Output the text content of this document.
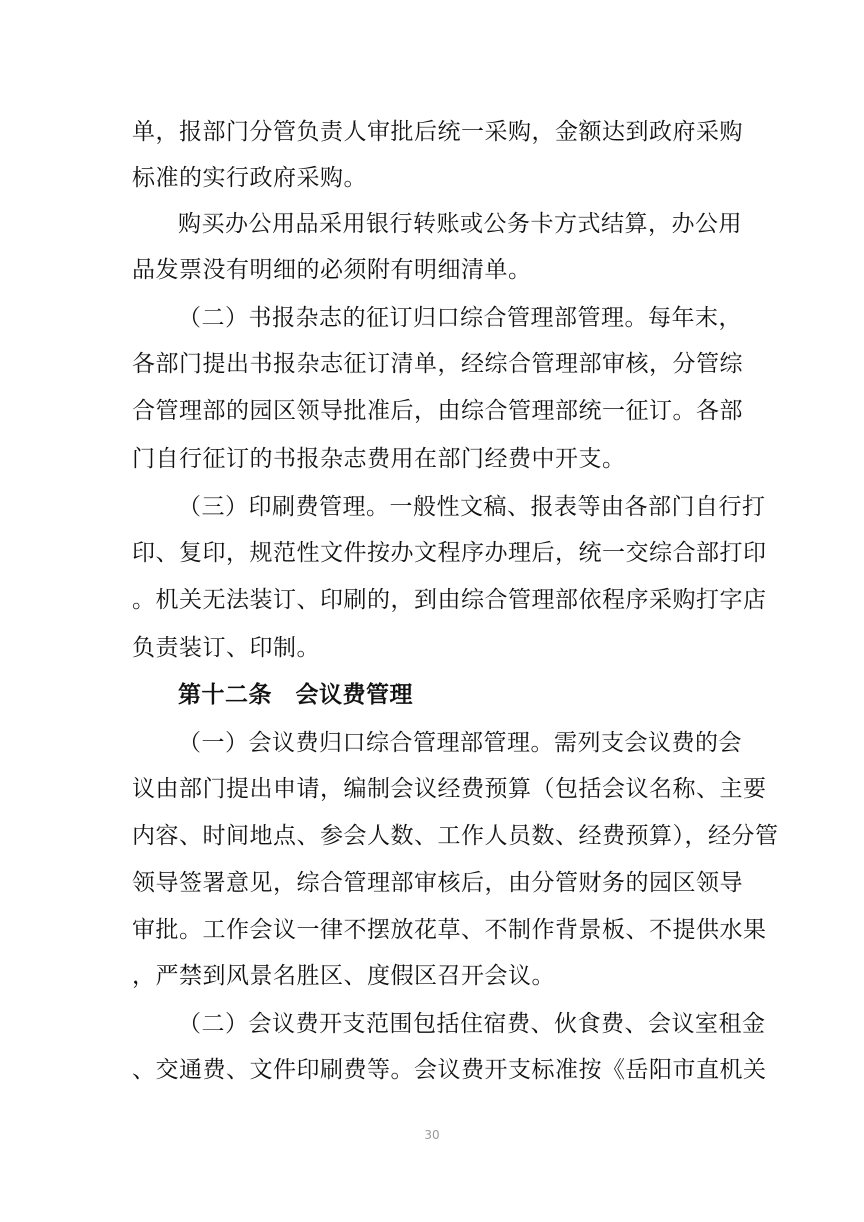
单，报部门分管负责人审批后统一采购，金额达到政府采购
标准的实行政府采购。
购买办公用品采用银行转账或公务卡方式结算，办公用
品发票没有明细的必须附有明细清单。
（二）书报杂志的征订归口综合管理部管理。每年末，
各部门提出书报杂志征订清单，经综合管理部审核，分管综
合管理部的园区领导批准后，由综合管理部统一征订。各部
门自行征订的书报杂志费用在部门经费中开支。
（三）印刷费管理。一般性文稿、报表等由各部门自行打
印、复印，规范性文件按办文程序办理后，统一交综合部打印
。机关无法装订、印刷的，到由综合管理部依程序采购打字店
负责装订、印制。
第十二条　会议费管理
（一）会议费归口综合管理部管理。需列支会议费的会
议由部门提出申请，编制会议经费预算（包括会议名称、主要
内容、时间地点、参会人数、工作人员数、经费预算），经分管
领导签署意见，综合管理部审核后，由分管财务的园区领导
审批。工作会议一律不摆放花草、不制作背景板、不提供水果
，严禁到风景名胜区、度假区召开会议。
（二）会议费开支范围包括住宿费、伙食费、会议室租金
、交通费、文件印刷费等。会议费开支标准按《岳阳市直机关
30
